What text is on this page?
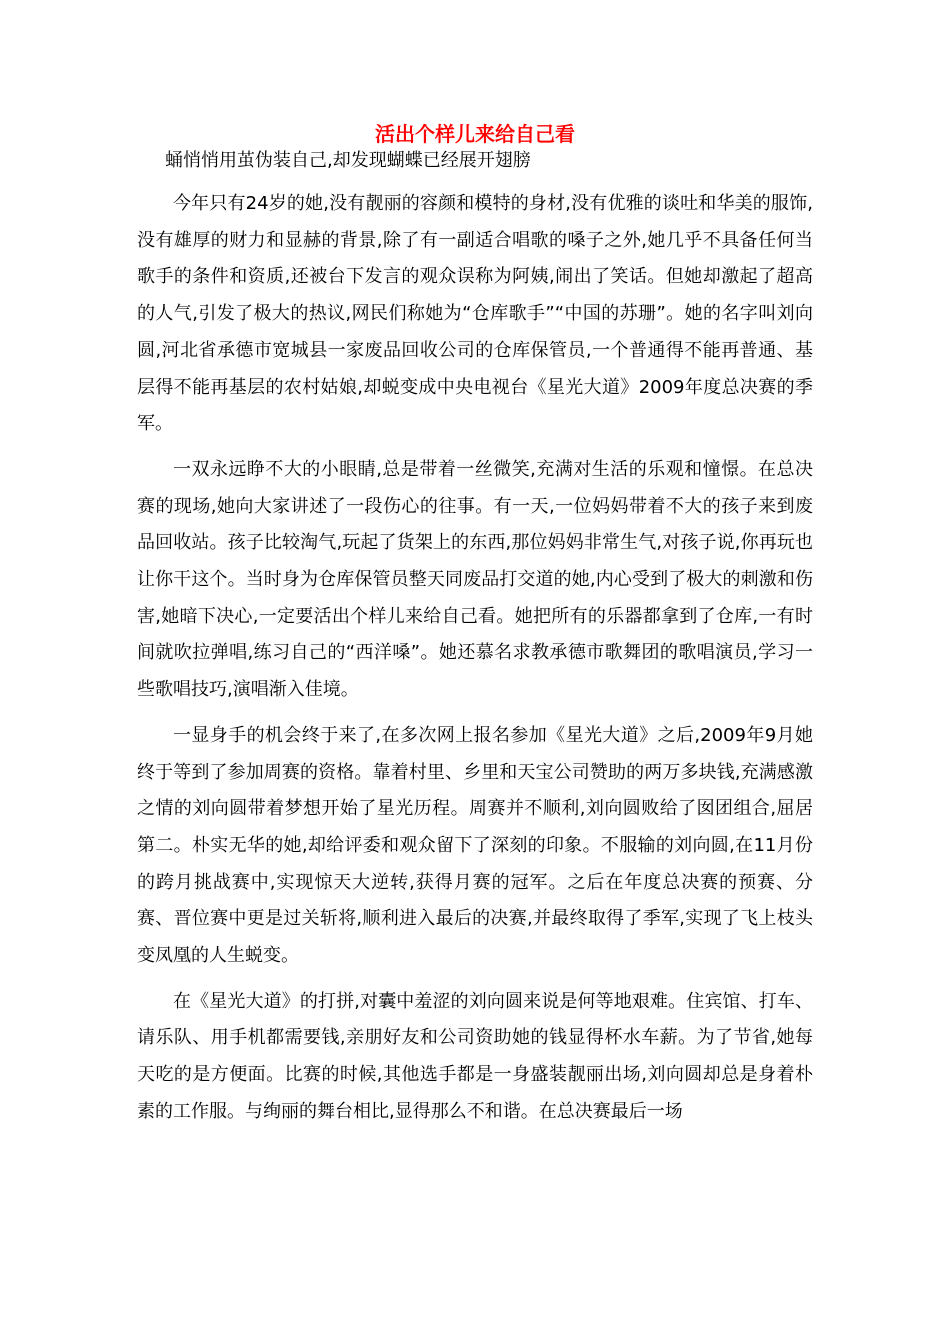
活出个样儿来给自己看

蛹悄悄用茧伪装自己,却发现蝴蝶已经展开翅膀

今年只有24岁的她,没有靓丽的容颜和模特的身材,没有优雅的谈吐和华美的服饰,没有雄厚的财力和显赫的背景,除了有一副适合唱歌的嗓子之外,她几乎不具备任何当歌手的条件和资质,还被台下发言的观众误称为阿姨,闹出了笑话。但她却激起了超高的人气,引发了极大的热议,网民们称她为“仓库歌手”“中国的苏珊”。她的名字叫刘向圆,河北省承德市宽城县一家废品回收公司的仓库保管员,一个普通得不能再普通、基层得不能再基层的农村姑娘,却蜕变成中央电视台《星光大道》2009年度总决赛的季军。

一双永远睁不大的小眼睛,总是带着一丝微笑,充满对生活的乐观和憧憬。在总决赛的现场,她向大家讲述了一段伤心的往事。有一天,一位妈妈带着不大的孩子来到废品回收站。孩子比较淘气,玩起了货架上的东西,那位妈妈非常生气,对孩子说,你再玩也让你干这个。当时身为仓库保管员整天同废品打交道的她,内心受到了极大的刺激和伤害,她暗下决心,一定要活出个样儿来给自己看。她把所有的乐器都拿到了仓库,一有时间就吹拉弹唱,练习自己的“西洋嗓”。她还慕名求教承德市歌舞团的歌唱演员,学习一些歌唱技巧,演唱渐入佳境。

一显身手的机会终于来了,在多次网上报名参加《星光大道》之后,2009年9月她终于等到了参加周赛的资格。靠着村里、乡里和天宝公司赞助的两万多块钱,充满感激之情的刘向圆带着梦想开始了星光历程。周赛并不顺利,刘向圆败给了囡团组合,屈居第二。朴实无华的她,却给评委和观众留下了深刻的印象。不服输的刘向圆,在11月份的跨月挑战赛中,实现惊天大逆转,获得月赛的冠军。之后在年度总决赛的预赛、分赛、晋位赛中更是过关斩将,顺利进入最后的决赛,并最终取得了季军,实现了飞上枝头变凤凰的人生蜕变。

在《星光大道》的打拼,对囊中羞涩的刘向圆来说是何等地艰难。住宾馆、打车、请乐队、用手机都需要钱,亲朋好友和公司资助她的钱显得杯水车薪。为了节省,她每天吃的是方便面。比赛的时候,其他选手都是一身盛装靓丽出场,刘向圆却总是身着朴素的工作服。与绚丽的舞台相比,显得那么不和谐。在总决赛最后一场
